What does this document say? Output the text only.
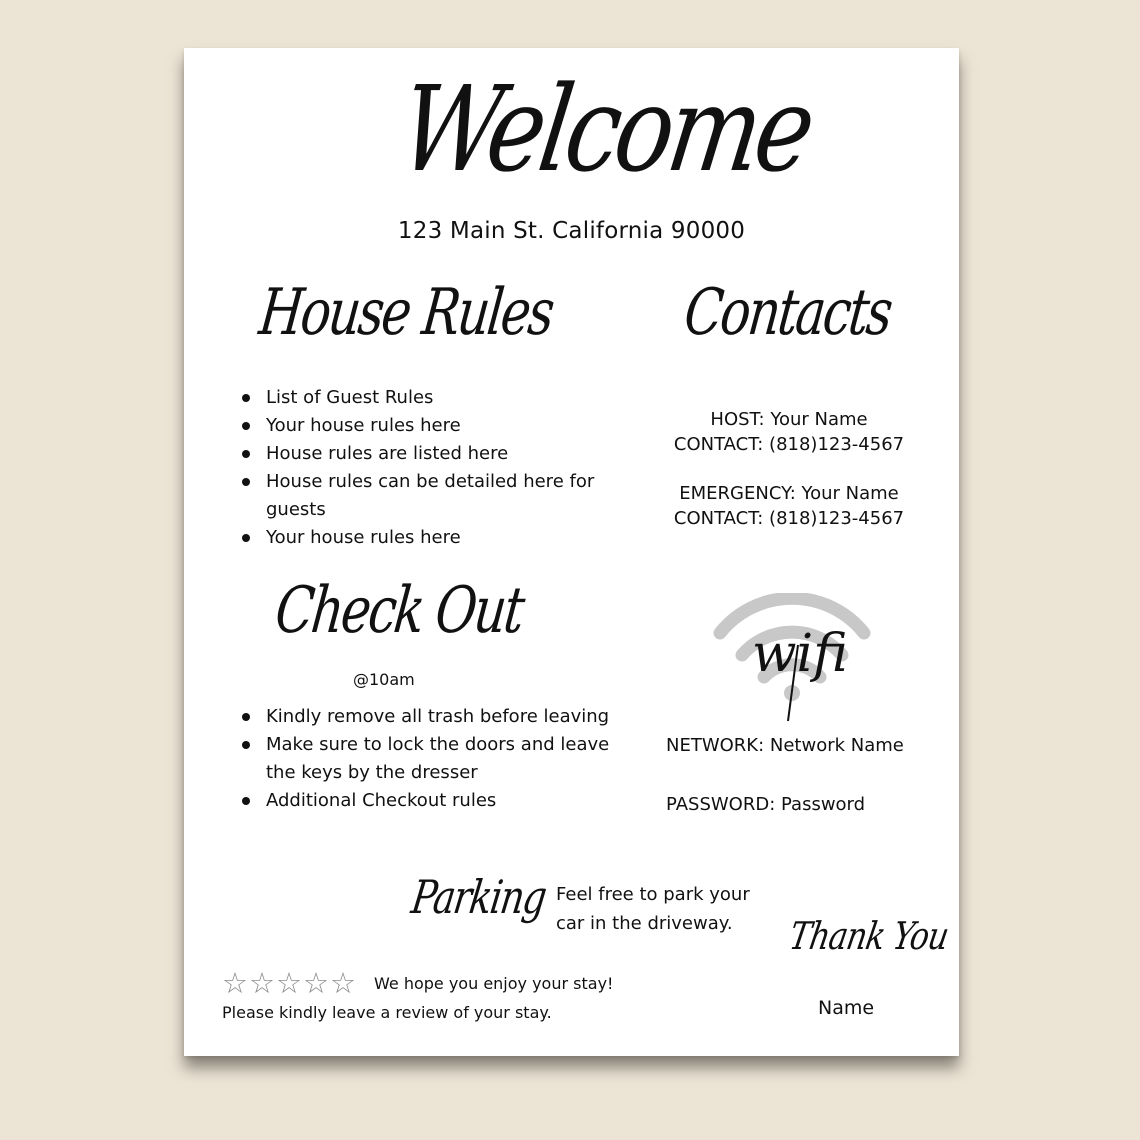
Welcome
123 Main St. California 90000
House Rules
List of Guest Rules
Your house rules here
House rules are listed here
House rules can be detailed here for guests
Your house rules here
Contacts
HOST: Your Name
CONTACT: (818)123-4567
EMERGENCY: Your Name
CONTACT: (818)123-4567
Check Out
@10am
Kindly remove all trash before leaving
Make sure to lock the doors and leave the keys by the dresser
Additional Checkout rules
wifi
NETWORK: Network Name
PASSWORD: Password
Parking Feel free to park your car in the driveway.
☆ ☆ ☆ ☆ ☆ We hope you enjoy your stay!
Please kindly leave a review of your stay.
Thank You
Name
